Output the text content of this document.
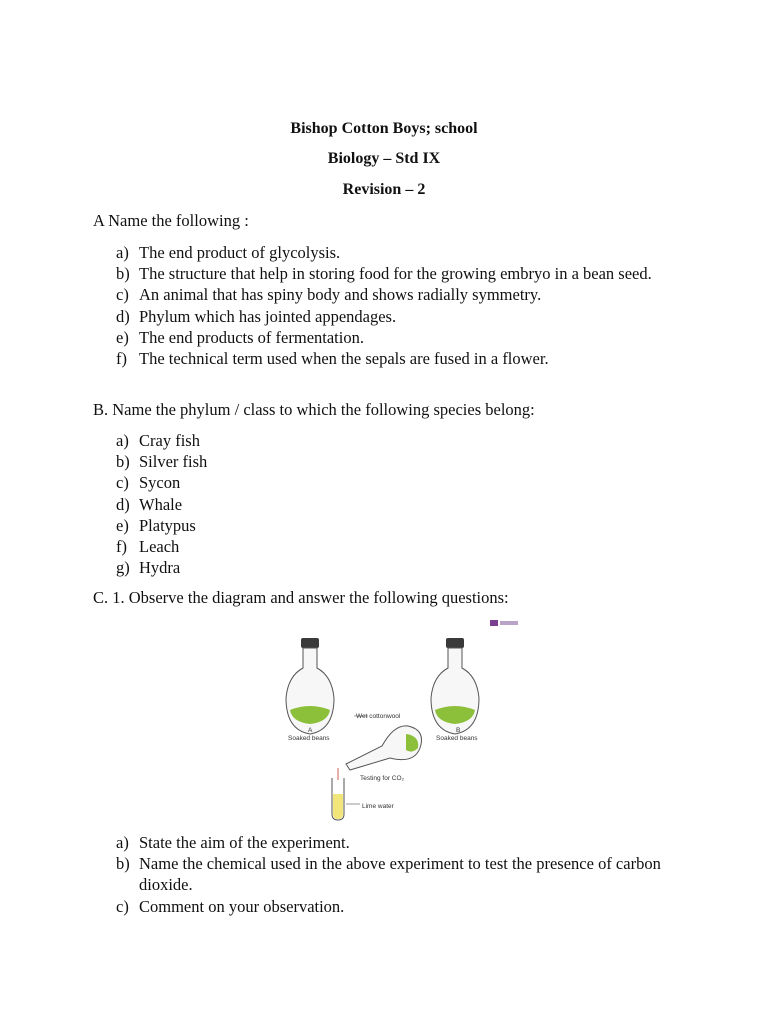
Bishop Cotton Boys; school
Biology – Std IX
Revision – 2
A Name the following :
a) The end product of glycolysis.
b) The structure that help in storing food for the growing embryo in a bean seed.
c) An animal that has spiny body and shows radially symmetry.
d) Phylum which has jointed appendages.
e) The end products of fermentation.
f) The technical term used when the sepals are fused in a flower.
B. Name the phylum / class to which the following species belong:
a) Cray fish
b) Silver fish
c) Sycon
d) Whale
e) Platypus
f) Leach
g) Hydra
C. 1. Observe the diagram and answer the following questions:
Wet cottonwool
A
Soaked beans
B
Soaked beans
Testing for CO₂
Lime water
a) State the aim of the experiment.
b) Name the chemical used in the above experiment to test the presence of carbon dioxide.
c) Comment on your observation.
